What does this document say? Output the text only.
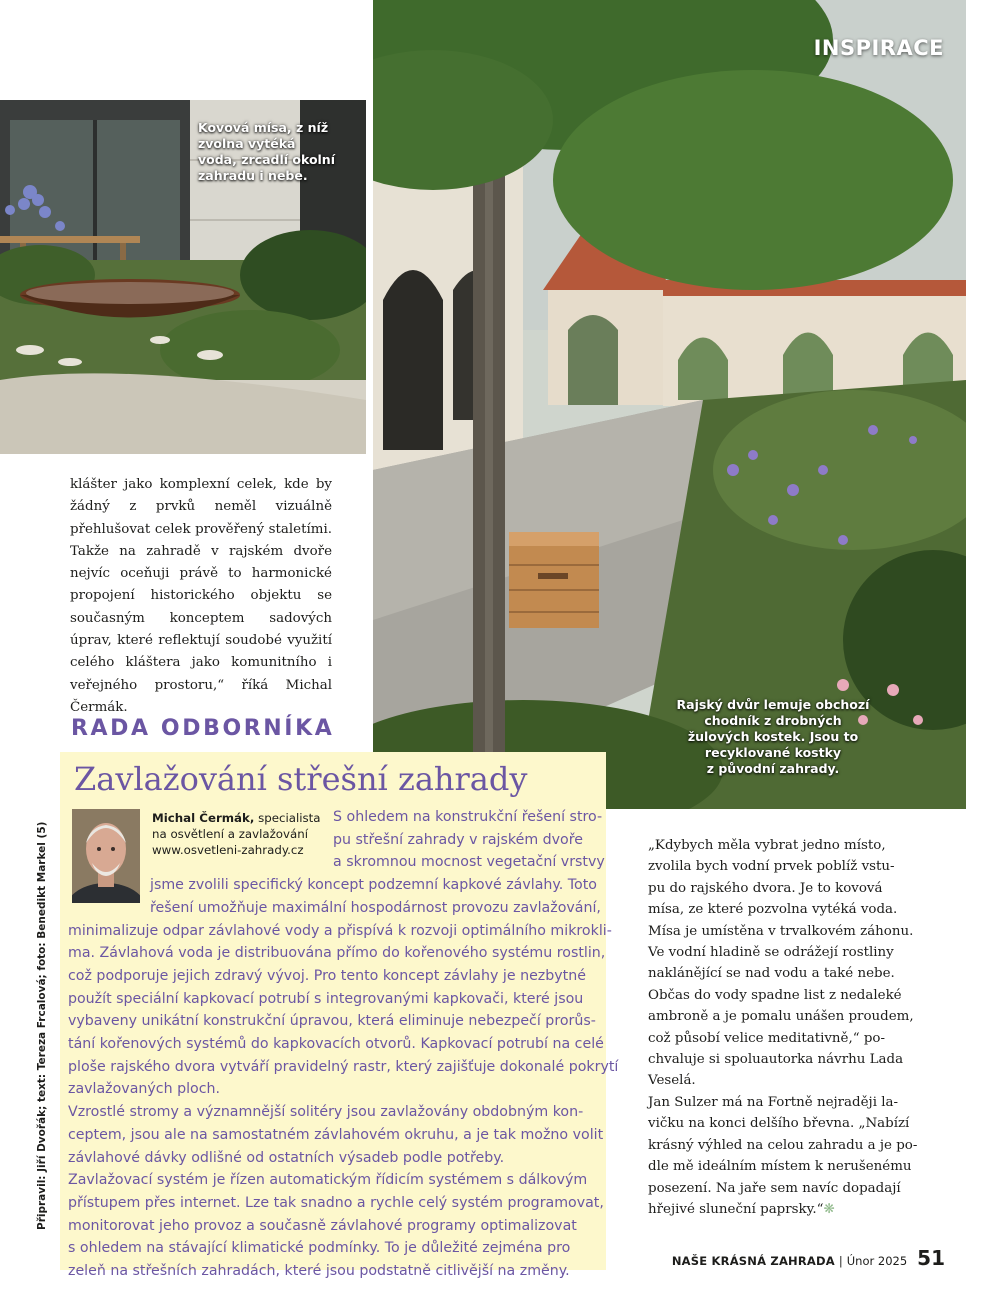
Kovová mísa, z níž
zvolna vytéká
voda, zrcadlí okolní
zahradu i nebe.
INSPIRACE
Rajský dvůr lemuje obchozí
chodník z drobných
žulových kostek. Jsou to
recyklované kostky
z původní zahrady.

klášter jako komplexní celek, kde by žádný z prvků neměl vizuálně přehlušovat celek prověřený staletími. Takže na zahradě v rajském dvoře nejvíc oceňuji právě to harmonické propojení historického objektu se současným konceptem sadových úprav, které reflektují soudobé využití celého kláštera jako komunitního i veřejného prostoru,“ říká Michal Čermák.

RADA ODBORNÍKA
Zavlažování střešní zahrady
Michal Čermák, specialista
na osvětlení a zavlažování
www.osvetleni-zahrady.cz
S ohledem na konstrukční řešení stro-
pu střešní zahrady v rajském dvoře
a skromnou mocnost vegetační vrstvy
jsme zvolili specifický koncept podzemní kapkové závlahy. Toto
řešení umožňuje maximální hospodárnost provozu zavlažování,
minimalizuje odpar závlahové vody a přispívá k rozvoji optimálního mikrokli-
ma. Závlahová voda je distribuována přímo do kořenového systému rostlin,
což podporuje jejich zdravý vývoj. Pro tento koncept závlahy je nezbytné
použít speciální kapkovací potrubí s integrovanými kapkovači, které jsou
vybaveny unikátní konstrukční úpravou, která eliminuje nebezpečí prorůs-
tání kořenových systémů do kapkovacích otvorů. Kapkovací potrubí na celé
ploše rajského dvora vytváří pravidelný rastr, který zajišťuje dokonalé pokrytí
zavlažovaných ploch.
Vzrostlé stromy a významnější solitéry jsou zavlažovány obdobným kon-
ceptem, jsou ale na samostatném závlahovém okruhu, a je tak možno volit
závlahové dávky odlišné od ostatních výsadeb podle potřeby.
Zavlažovací systém je řízen automatickým řídicím systémem s dálkovým
přístupem přes internet. Lze tak snadno a rychle celý systém programovat,
monitorovat jeho provoz a současně závlahové programy optimalizovat
s ohledem na stávající klimatické podmínky. To je důležité zejména pro
zeleň na střešních zahradách, které jsou podstatně citlivější na změny.
Připravil: Jiří Dvořák; text: Tereza Frcalová; foto: Benedikt Markel (5)	„Kdybych měla vybrat jedno místo,
zvolila bych vodní prvek poblíž vstu-
pu do rajského dvora. Je to kovová
mísa, ze které pozvolna vytéká voda.
Mísa je umístěna v trvalkovém záhonu.
Ve vodní hladině se odrážejí rostliny
naklánějící se nad vodu a také nebe.
Občas do vody spadne list z nedaleké
ambroně a je pomalu unášen proudem,
což působí velice meditativně,“ po-
chvaluje si spoluautorka návrhu Lada
Veselá.
Jan Sulzer má na Fortně nejraději la-
vičku na konci delšího břevna. „Nabízí
krásný výhled na celou zahradu a je po-
dle mě ideálním místem k nerušenému
posezení. Na jaře sem navíc dopadají
hřejivé sluneční paprsky.“ ❋
NAŠE KRÁSNÁ ZAHRADA | Únor 2025 51
